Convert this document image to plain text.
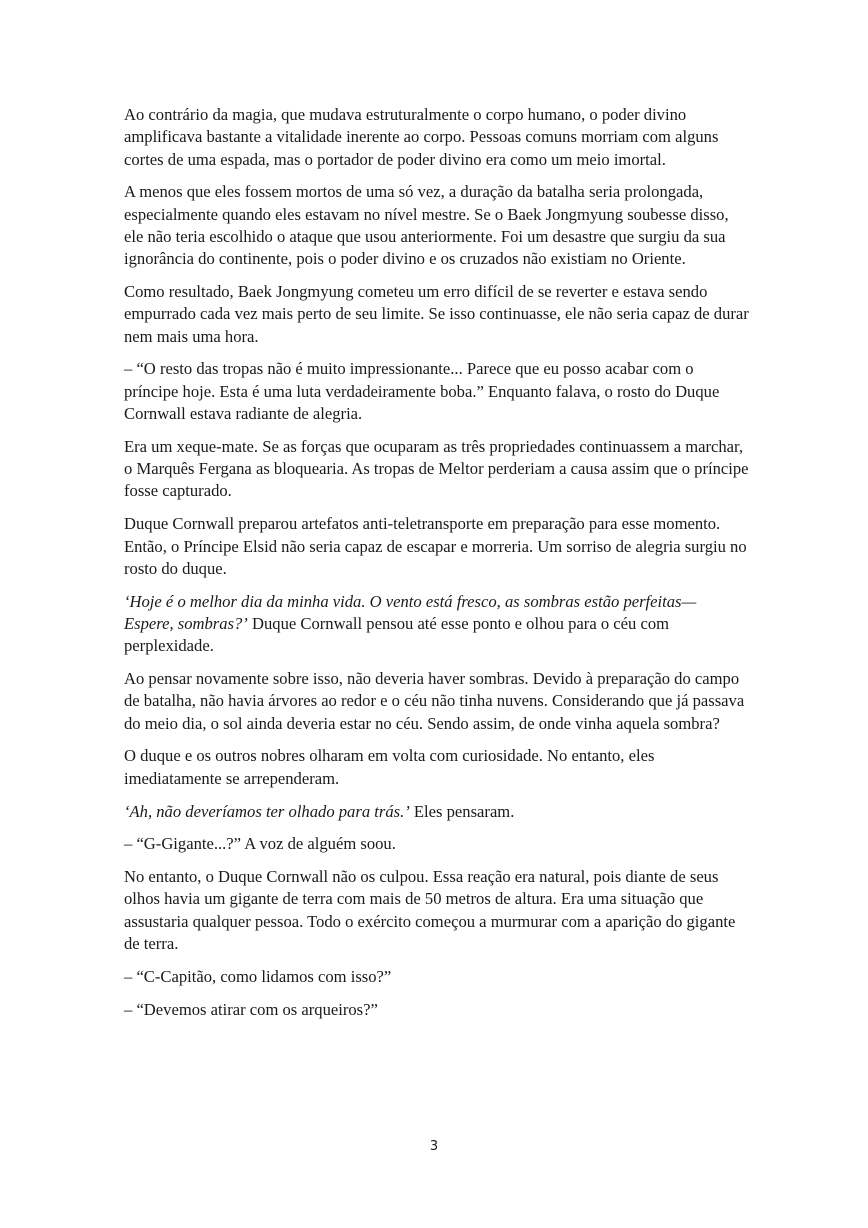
Ao contrário da magia, que mudava estruturalmente o corpo humano, o poder divino amplificava bastante a vitalidade inerente ao corpo. Pessoas comuns morriam com alguns cortes de uma espada, mas o portador de poder divino era como um meio imortal.

A menos que eles fossem mortos de uma só vez, a duração da batalha seria prolongada, especialmente quando eles estavam no nível mestre. Se o Baek Jongmyung soubesse disso, ele não teria escolhido o ataque que usou anteriormente. Foi um desastre que surgiu da sua ignorância do continente, pois o poder divino e os cruzados não existiam no Oriente.

Como resultado, Baek Jongmyung cometeu um erro difícil de se reverter e estava sendo empurrado cada vez mais perto de seu limite. Se isso continuasse, ele não seria capaz de durar nem mais uma hora.

– “O resto das tropas não é muito impressionante... Parece que eu posso acabar com o príncipe hoje. Esta é uma luta verdadeiramente boba.” Enquanto falava, o rosto do Duque Cornwall estava radiante de alegria.

Era um xeque-mate. Se as forças que ocuparam as três propriedades continuassem a marchar, o Marquês Fergana as bloquearia. As tropas de Meltor perderiam a causa assim que o príncipe fosse capturado.

Duque Cornwall preparou artefatos anti-teletransporte em preparação para esse momento. Então, o Príncipe Elsid não seria capaz de escapar e morreria. Um sorriso de alegria surgiu no rosto do duque.

‘Hoje é o melhor dia da minha vida. O vento está fresco, as sombras estão perfeitas— Espere, sombras?’ Duque Cornwall pensou até esse ponto e olhou para o céu com perplexidade.

Ao pensar novamente sobre isso, não deveria haver sombras. Devido à preparação do campo de batalha, não havia árvores ao redor e o céu não tinha nuvens. Considerando que já passava do meio dia, o sol ainda deveria estar no céu. Sendo assim, de onde vinha aquela sombra?

O duque e os outros nobres olharam em volta com curiosidade. No entanto, eles imediatamente se arrependeram.

‘Ah, não deveríamos ter olhado para trás.’ Eles pensaram.

– “G-Gigante...?” A voz de alguém soou.

No entanto, o Duque Cornwall não os culpou. Essa reação era natural, pois diante de seus olhos havia um gigante de terra com mais de 50 metros de altura. Era uma situação que assustaria qualquer pessoa. Todo o exército começou a murmurar com a aparição do gigante de terra.

– “C-Capitão, como lidamos com isso?”

– “Devemos atirar com os arqueiros?”

3
